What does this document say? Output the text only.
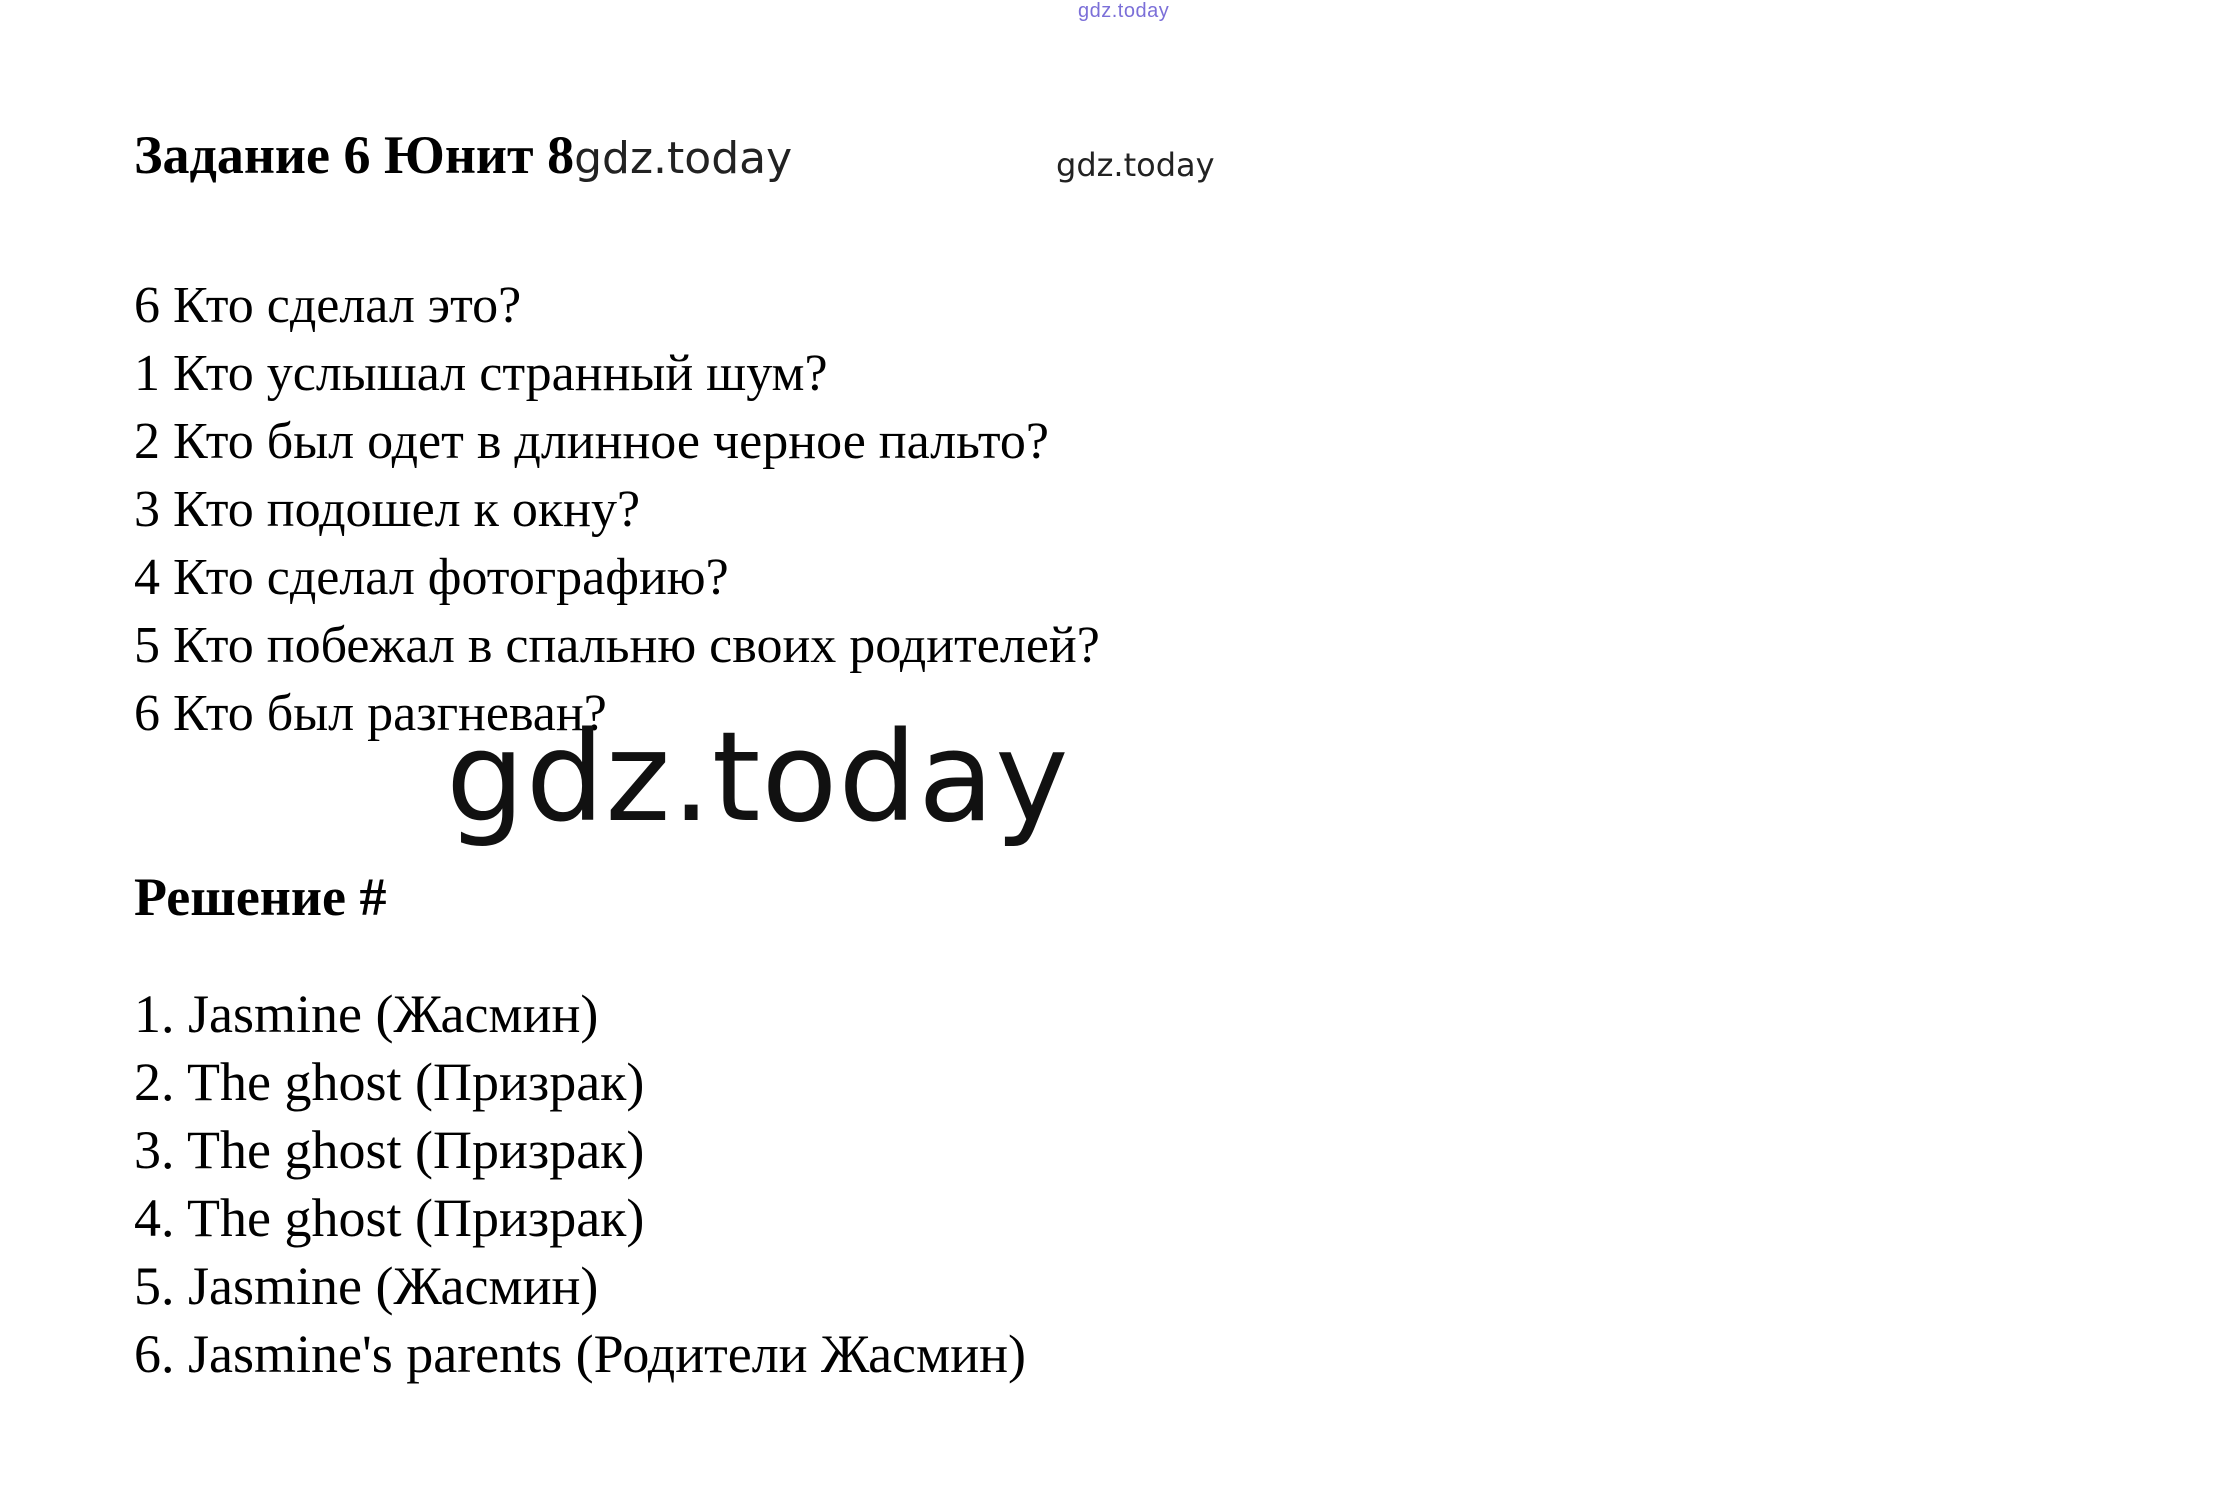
gdz.today
Задание 6 Юнит 8gdz.today	gdz.today
6 Кто сделал это?
1 Кто услышал странный шум?
2 Кто был одет в длинное черное пальто?
3 Кто подошел к окну?
4 Кто сделал фотографию?
5 Кто побежал в спальню своих родителей?
6 Кто был разгневан?
gdz.today
Решение #
1. Jasmine (Жасмин)
2. The ghost (Призрак)
3. The ghost (Призрак)
4. The ghost (Призрак)
5. Jasmine (Жасмин)
6. Jasmine's parents (Родители Жасмин)
